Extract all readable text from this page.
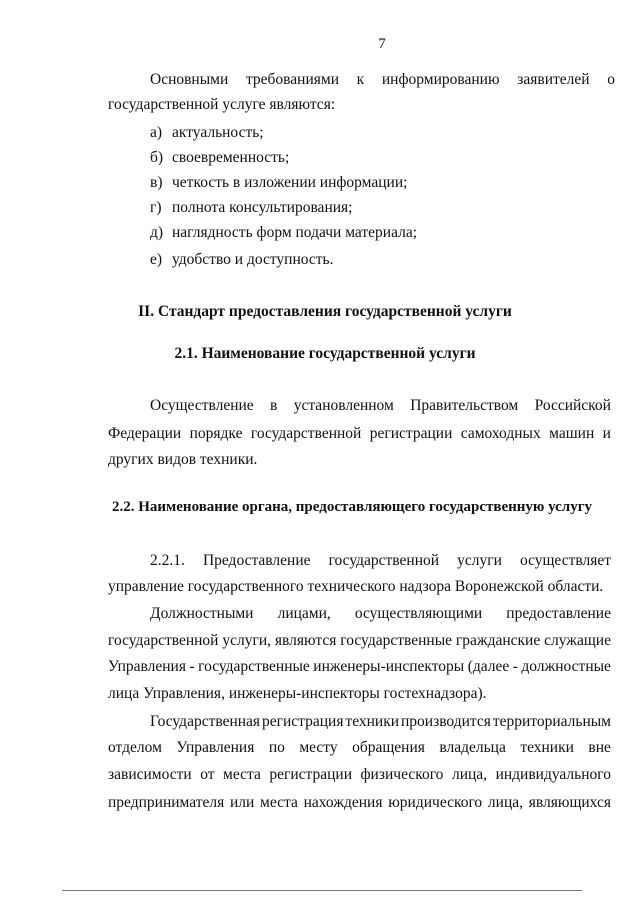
7
Основными требованиями к информированию заявителей о
государственной услуге являются:
а) актуальность;
б) своевременность;
в) четкость в изложении информации;
г) полнота консультирования;
д) наглядность форм подачи материала;
е) удобство и доступность.
II. Стандарт предоставления государственной услуги
2.1. Наименование государственной услуги
Осуществление в установленном Правительством Российской
Федерации порядке государственной регистрации самоходных машин и
других видов техники.
2.2. Наименование органа, предоставляющего государственную услугу
2.2.1. Предоставление государственной услуги осуществляет
управление государственного технического надзора Воронежской области.
Должностными лицами, осуществляющими предоставление
государственной услуги, являются государственные гражданские служащие
Управления - государственные инженеры-инспекторы (далее - должностные
лица Управления, инженеры-инспекторы гостехнадзора).
Государственная регистрация техники производится территориальным
отделом Управления по месту обращения владельца техники вне
зависимости от места регистрации физического лица, индивидуального
предпринимателя или места нахождения юридического лица, являющихся
